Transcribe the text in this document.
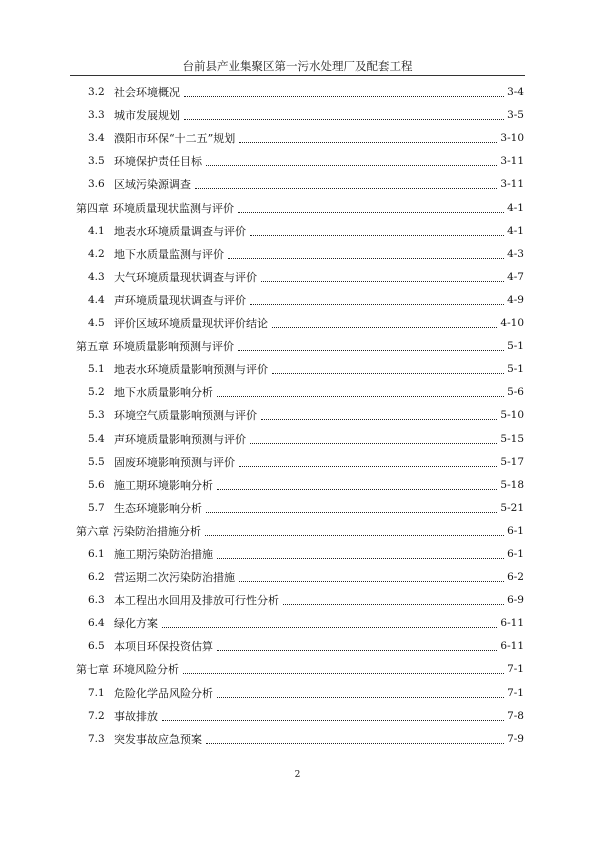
台前县产业集聚区第一污水处理厂及配套工程
3.2 社会环境概况	3-4
3.3 城市发展规划	3-5
3.4 濮阳市环保“十二五”规划	3-10
3.5 环境保护责任目标	3-11
3.6 区域污染源调查	3-11
第四章 环境质量现状监测与评价	4-1
4.1 地表水环境质量调查与评价	4-1
4.2 地下水质量监测与评价	4-3
4.3 大气环境质量现状调查与评价	4-7
4.4 声环境质量现状调查与评价	4-9
4.5 评价区域环境质量现状评价结论	4-10
第五章 环境质量影响预测与评价	5-1
5.1 地表水环境质量影响预测与评价	5-1
5.2 地下水质量影响分析	5-6
5.3 环境空气质量影响预测与评价	5-10
5.4 声环境质量影响预测与评价	5-15
5.5 固废环境影响预测与评价	5-17
5.6 施工期环境影响分析	5-18
5.7 生态环境影响分析	5-21
第六章 污染防治措施分析	6-1
6.1 施工期污染防治措施	6-1
6.2 营运期二次污染防治措施	6-2
6.3 本工程出水回用及排放可行性分析	6-9
6.4 绿化方案	6-11
6.5 本项目环保投资估算	6-11
第七章 环境风险分析	7-1
7.1 危险化学品风险分析	7-1
7.2 事故排放	7-8
7.3 突发事故应急预案	7-9
2
